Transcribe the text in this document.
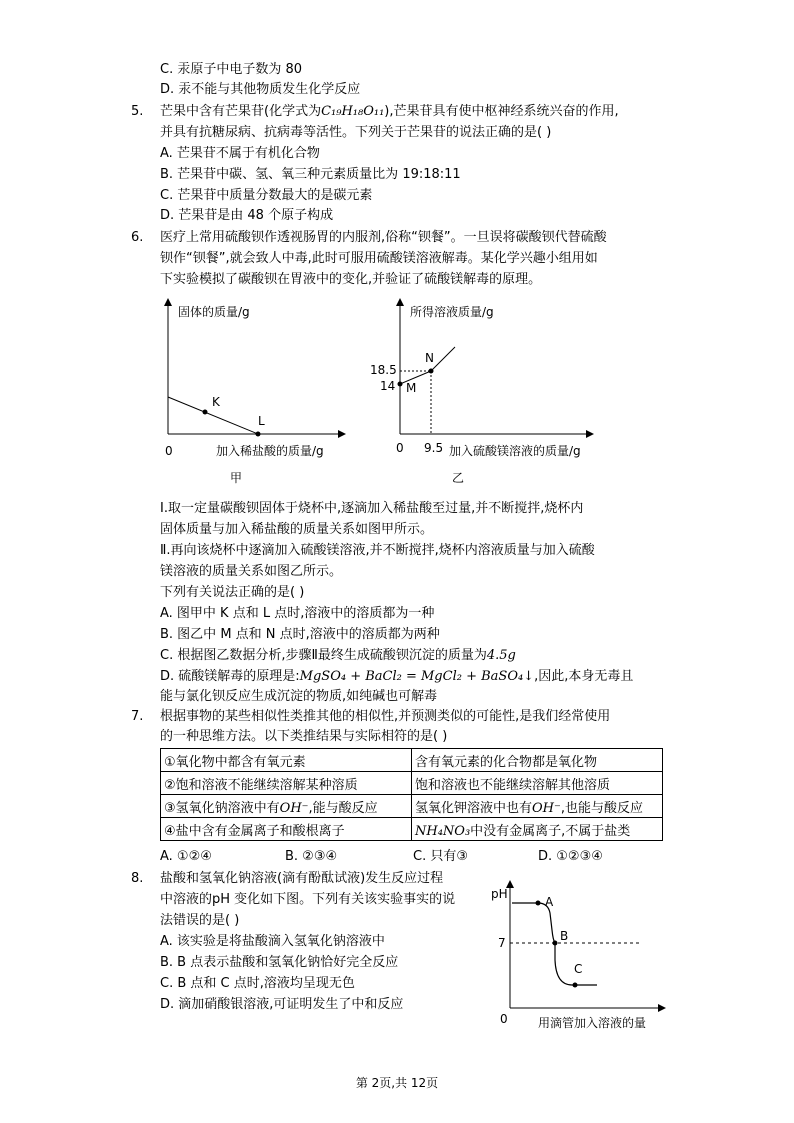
C. 汞原子中电子数为 80
D. 汞不能与其他物质发生化学反应
5. 芒果中含有芒果苷(化学式为C₁₉H₁₈O₁₁),芒果苷具有使中枢神经系统兴奋的作用,
并具有抗糖尿病、抗病毒等活性。下列关于芒果苷的说法正确的是( )
A. 芒果苷不属于有机化合物
B. 芒果苷中碳、氢、氧三种元素质量比为 19:18:11
C. 芒果苷中质量分数最大的是碳元素
D. 芒果苷是由 48 个原子构成
6. 医疗上常用硫酸钡作透视肠胃的内服剂,俗称“钡餐”。一旦误将碳酸钡代替硫酸
钡作“钡餐”,就会致人中毒,此时可服用硫酸镁溶液解毒。某化学兴趣小组用如
下实验模拟了碳酸钡在胃液中的变化,并验证了硫酸镁解毒的原理。
固体的质量/g
K
L
0	加入稀盐酸的质量/g
甲
所得溶液质量/g
18.5
14 M
N
0 9.5 加入硫酸镁溶液的质量/g
乙
pH
7
A
B
C
0	用滴管加入溶液的量
Ⅰ.取一定量碳酸钡固体于烧杯中,逐滴加入稀盐酸至过量,并不断搅拌,烧杯内
固体质量与加入稀盐酸的质量关系如图甲所示。
Ⅱ.再向该烧杯中逐滴加入硫酸镁溶液,并不断搅拌,烧杯内溶液质量与加入硫酸
镁溶液的质量关系如图乙所示。
下列有关说法正确的是( )
A. 图甲中 K 点和 L 点时,溶液中的溶质都为一种
B. 图乙中 M 点和 N 点时,溶液中的溶质都为两种
C. 根据图乙数据分析,步骤Ⅱ最终生成硫酸钡沉淀的质量为4.5g
D. 硫酸镁解毒的原理是:MgSO₄ + BaCl₂ = MgCl₂ + BaSO₄↓,因此,本身无毒且
能与氯化钡反应生成沉淀的物质,如纯碱也可解毒
7. 根据事物的某些相似性类推其他的相似性,并预测类似的可能性,是我们经常使用
的一种思维方法。以下类推结果与实际相符的是( )
①氧化物中都含有氧元素	含有氧元素的化合物都是氧化物
②饱和溶液不能继续溶解某种溶质	饱和溶液也不能继续溶解其他溶质
③氢氧化钠溶液中有OH⁻,能与酸反应	氢氧化钾溶液中也有OH⁻,也能与酸反应
④盐中含有金属离子和酸根离子	NH₄NO₃中没有金属离子,不属于盐类
A. ①②④	B. ②③④	C. 只有③	D. ①②③④
8. 盐酸和氢氧化钠溶液(滴有酚酞试液)发生反应过程
中溶液的pH 变化如下图。下列有关该实验事实的说
法错误的是( )
A. 该实验是将盐酸滴入氢氧化钠溶液中
B. B 点表示盐酸和氢氧化钠恰好完全反应
C. B 点和 C 点时,溶液均呈现无色
D. 滴加硝酸银溶液,可证明发生了中和反应
第 2页,共 12页
